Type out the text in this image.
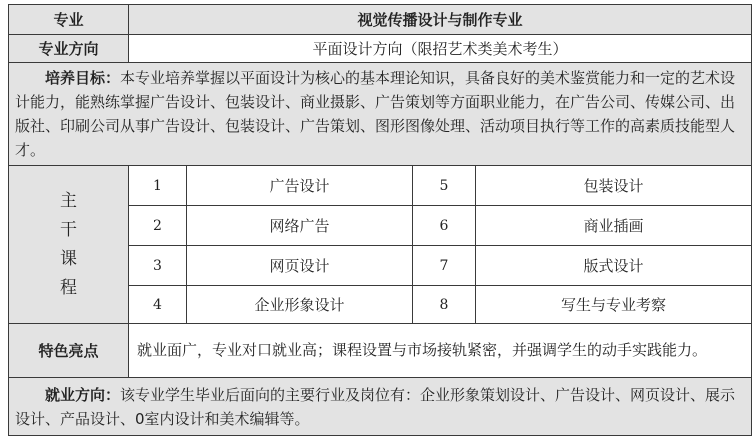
专业	视觉传播设计与制作专业			
专业方向	平面设计方向（限招艺术类美术考生）			

培养目标：本专业培养掌握以平面设计为核心的基本理论知识，具备良好的美术鉴赏能力和一定的艺术设计能力，能熟练掌握广告设计、包装设计、商业摄影、广告策划等方面职业能力，在广告公司、传媒公司、出版社、印刷公司从事广告设计、包装设计、广告策划、图形图像处理、活动项目执行等工作的高素质技能型人才。				

主
干
课
程	1	广告设计	5	包装设计
	2	网络广告	6	商业插画
	3	网页设计	7	版式设计
	4	企业形象设计	8	写生与专业考察
特色亮点	就业面广，专业对口就业高；课程设置与市场接轨紧密，并强调学生的动手实践能力。			

就业方向：该专业学生毕业后面向的主要行业及岗位有：企业形象策划设计、广告设计、网页设计、展示设计、产品设计、0室内设计和美术编辑等。				
